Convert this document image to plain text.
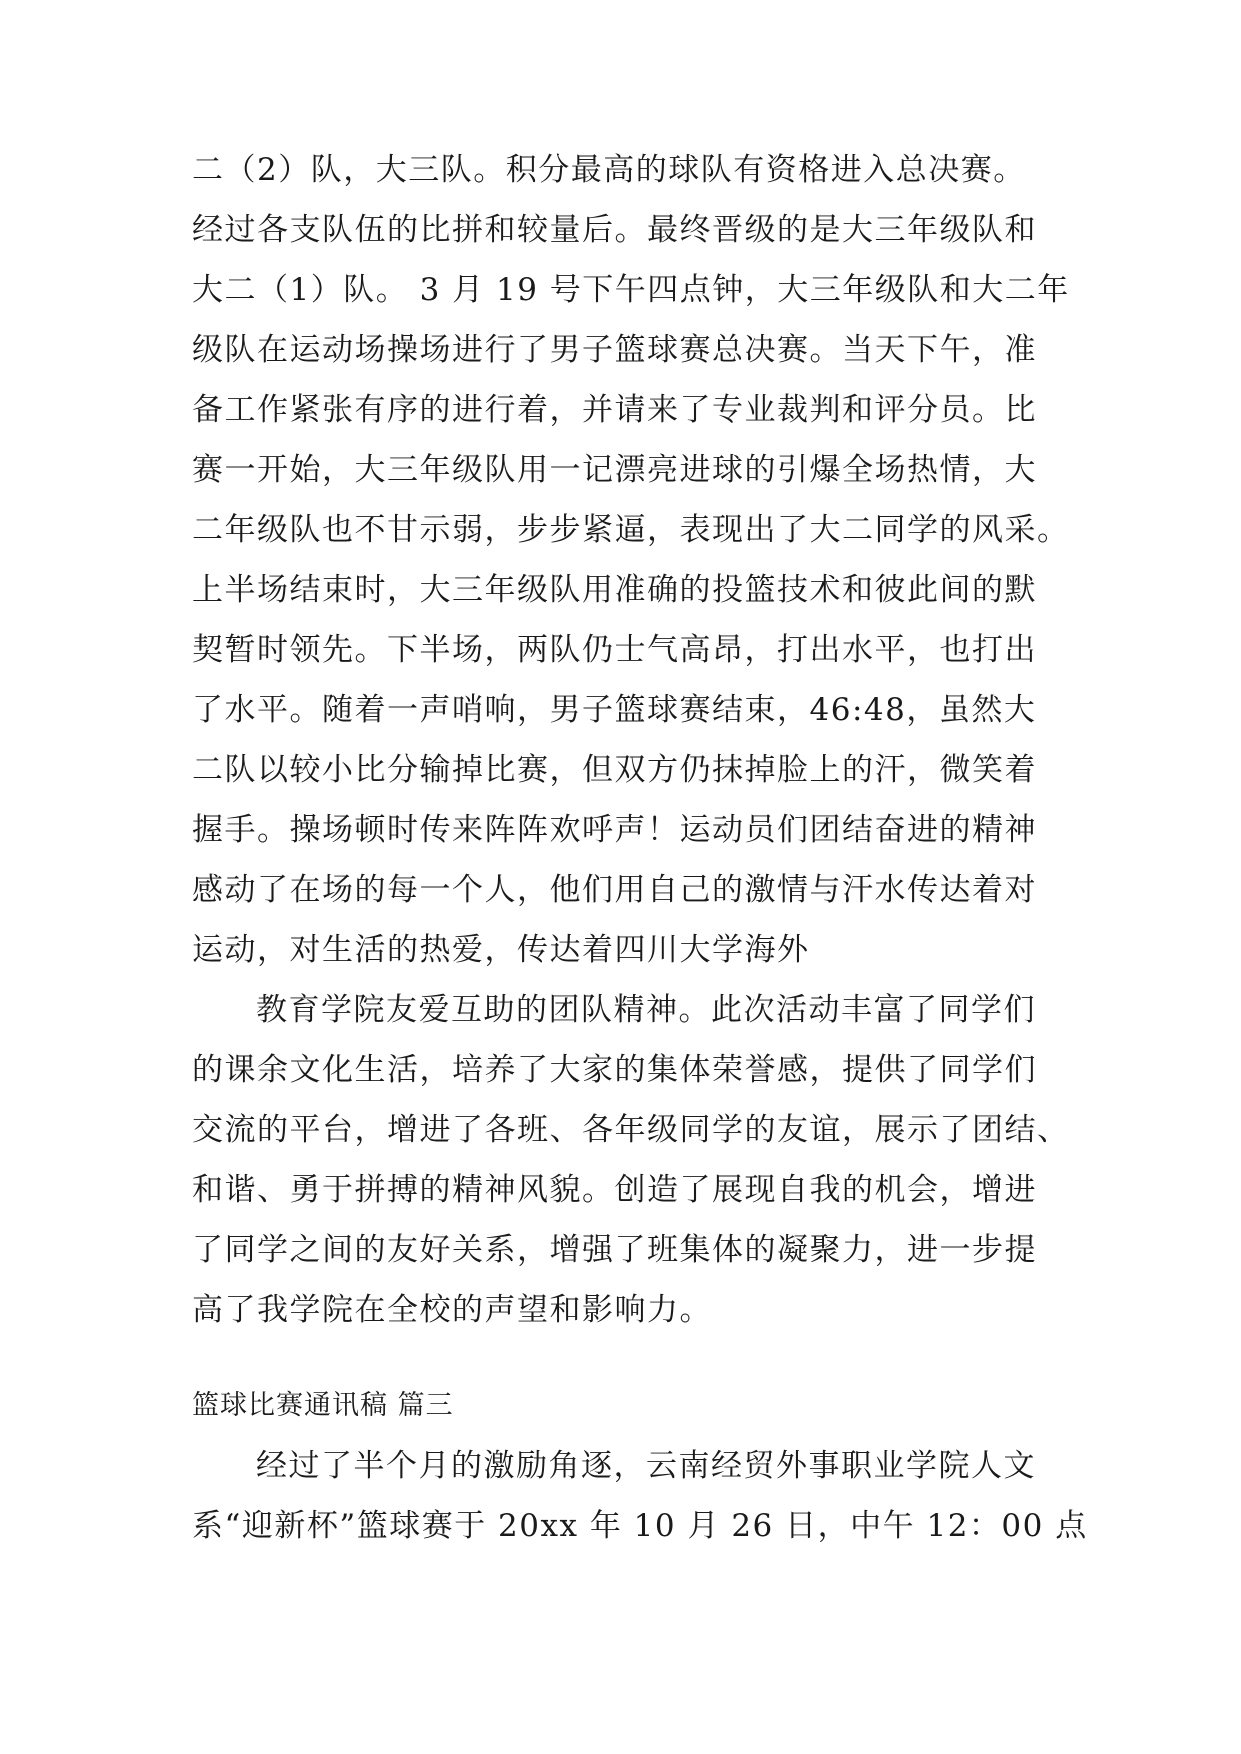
二（2）队，大三队。积分最高的球队有资格进入总决赛。
经过各支队伍的比拼和较量后。最终晋级的是大三年级队和
大二（1）队。 3 月 19 号下午四点钟，大三年级队和大二年
级队在运动场操场进行了男子篮球赛总决赛。当天下午，准
备工作紧张有序的进行着，并请来了专业裁判和评分员。比
赛一开始，大三年级队用一记漂亮进球的引爆全场热情，大
二年级队也不甘示弱，步步紧逼，表现出了大二同学的风采。
上半场结束时，大三年级队用准确的投篮技术和彼此间的默
契暂时领先。下半场，两队仍士气高昂，打出水平，也打出
了水平。随着一声哨响，男子篮球赛结束，46:48，虽然大
二队以较小比分输掉比赛，但双方仍抹掉脸上的汗，微笑着
握手。操场顿时传来阵阵欢呼声！运动员们团结奋进的精神
感动了在场的每一个人，他们用自己的激情与汗水传达着对
运动，对生活的热爱，传达着四川大学海外
教育学院友爱互助的团队精神。此次活动丰富了同学们
的课余文化生活，培养了大家的集体荣誉感，提供了同学们
交流的平台，增进了各班、各年级同学的友谊，展示了团结、
和谐、勇于拼搏的精神风貌。创造了展现自我的机会，增进
了同学之间的友好关系，增强了班集体的凝聚力，进一步提
高了我学院在全校的声望和影响力。
篮球比赛通讯稿 篇三
经过了半个月的激励角逐，云南经贸外事职业学院人文
系“迎新杯”篮球赛于 20xx 年 10 月 26 日，中午 12：00 点
